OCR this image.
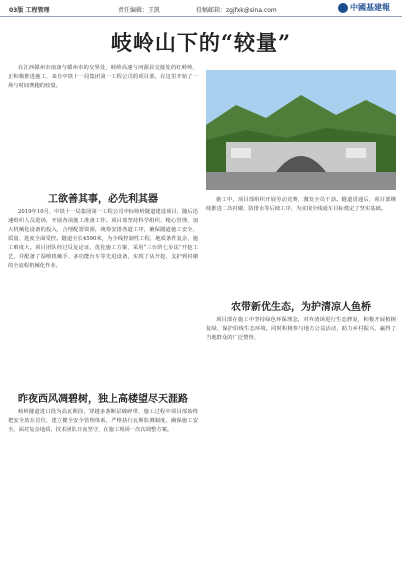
03版 工程管理	责任编辑：王凯	投稿邮箱：zgjfxk@sina.com	中國基建報
岐岭山下的“较量”

在江西赣州市南康与赣州市的交界处，岐岭高速与河源县交接处的红岭岭，正积极推进施工，来自中铁十一局集团第一工程公司的项目部，在这里开始了一场与时间赛跑的较量。

工欲善其事，必先利其器

2019年10月，中铁十一局集团第一工程公司中标岐岭隧道建设项目，随后迅速组织人员进场，开展各项施工准备工作。项目部坚持科学组织、精心管理，加大机械化设备的投入，合理配置资源，统筹安排各道工序，确保隧道施工安全、质量、进度全面受控。隧道全长4590米，为全线控制性工程，地质条件复杂，施工难度大。项目团队经过反复论证，优化施工方案，采用“三台阶七步法”开挖工艺，并配备了湿喷机械手、多功能台车等先进设备，实现了从开挖、支护到衬砌的全流程机械化作业。

昨夜西风凋碧树，独上高楼望尽天涯路

岐岭隧道进口段为高瓦斯段，穿越多条断层破碎带，施工过程中项目部始终把安全放在首位，建立健全安全管理体系，严格执行瓦斯监测制度，确保施工安全。面对复杂地质，技术团队日夜坚守，在施工现场一次次调整方案。

施工中，项目部组织开展劳动竞赛，激发全员干劲。隧道贯通后，项目部继续推进二次衬砌、防排水等后续工序，为实现全线通车目标奠定了坚实基础。

农带新优生态，为护清凉人鱼桥

项目部在施工中坚持绿色环保理念，对弃渣场进行生态修复，积极开展植树复绿，保护沿线生态环境。同时积极参与地方公益活动，助力乡村振兴，赢得了当地群众的广泛赞誉。
